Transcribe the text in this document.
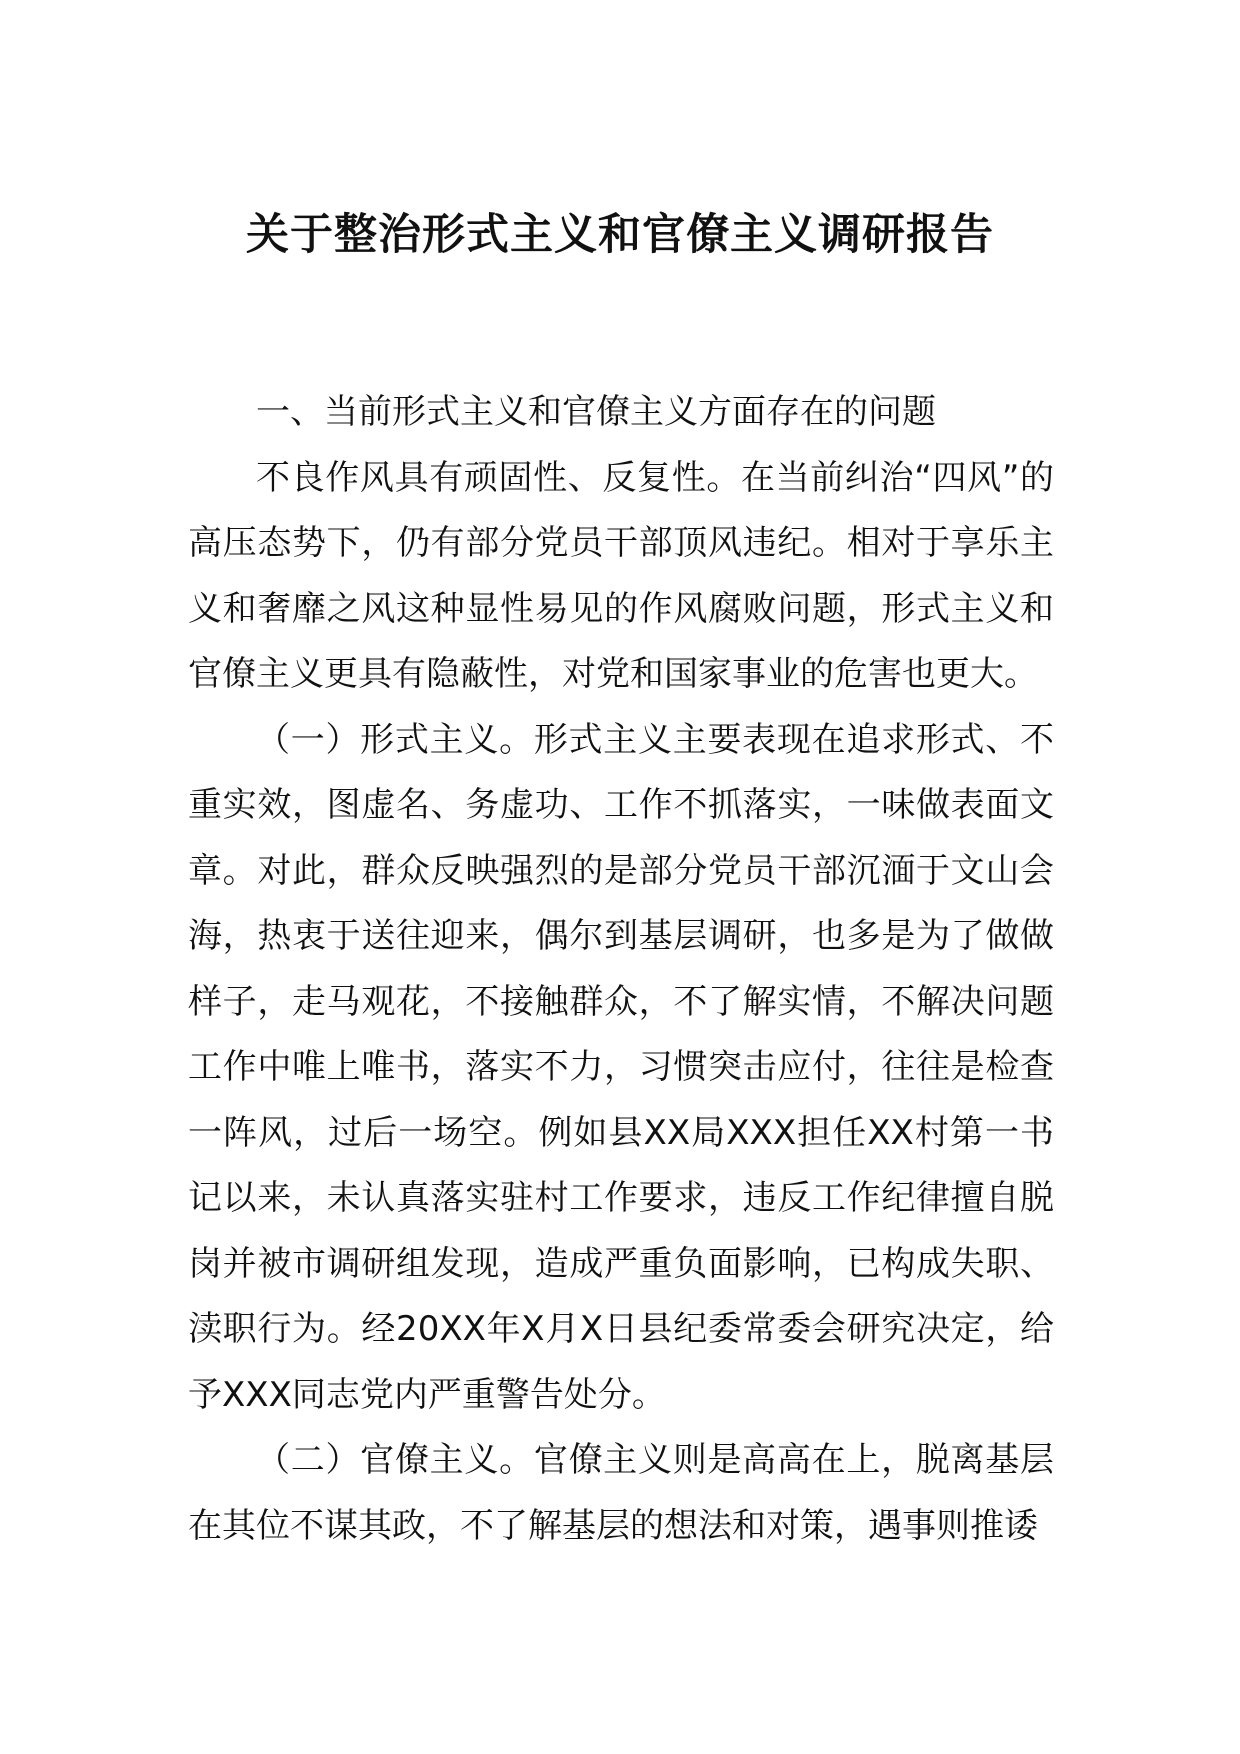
关于整治形式主义和官僚主义调研报告

一、当前形式主义和官僚主义方面存在的问题

不良作风具有顽固性、反复性。在当前纠治“四风”的高压态势下，仍有部分党员干部顶风违纪。相对于享乐主义和奢靡之风这种显性易见的作风腐败问题，形式主义和官僚主义更具有隐蔽性，对党和国家事业的危害也更大。

（一）形式主义。形式主义主要表现在追求形式、不重实效，图虚名、务虚功、工作不抓落实，一味做表面文章。对此，群众反映强烈的是部分党员干部沉湎于文山会海，热衷于送往迎来，偶尔到基层调研，也多是为了做做样子，走马观花，不接触群众，不了解实情，不解决问题工作中唯上唯书，落实不力，习惯突击应付，往往是检查一阵风，过后一场空。例如县XX局XXX担任XX村第一书记以来，未认真落实驻村工作要求，违反工作纪律擅自脱岗并被市调研组发现，造成严重负面影响，已构成失职、渎职行为。经20XX年X月X日县纪委常委会研究决定，给予XXX同志党内严重警告处分。

（二）官僚主义。官僚主义则是高高在上，脱离基层在其位不谋其政，不了解基层的想法和对策，遇事则推诿
